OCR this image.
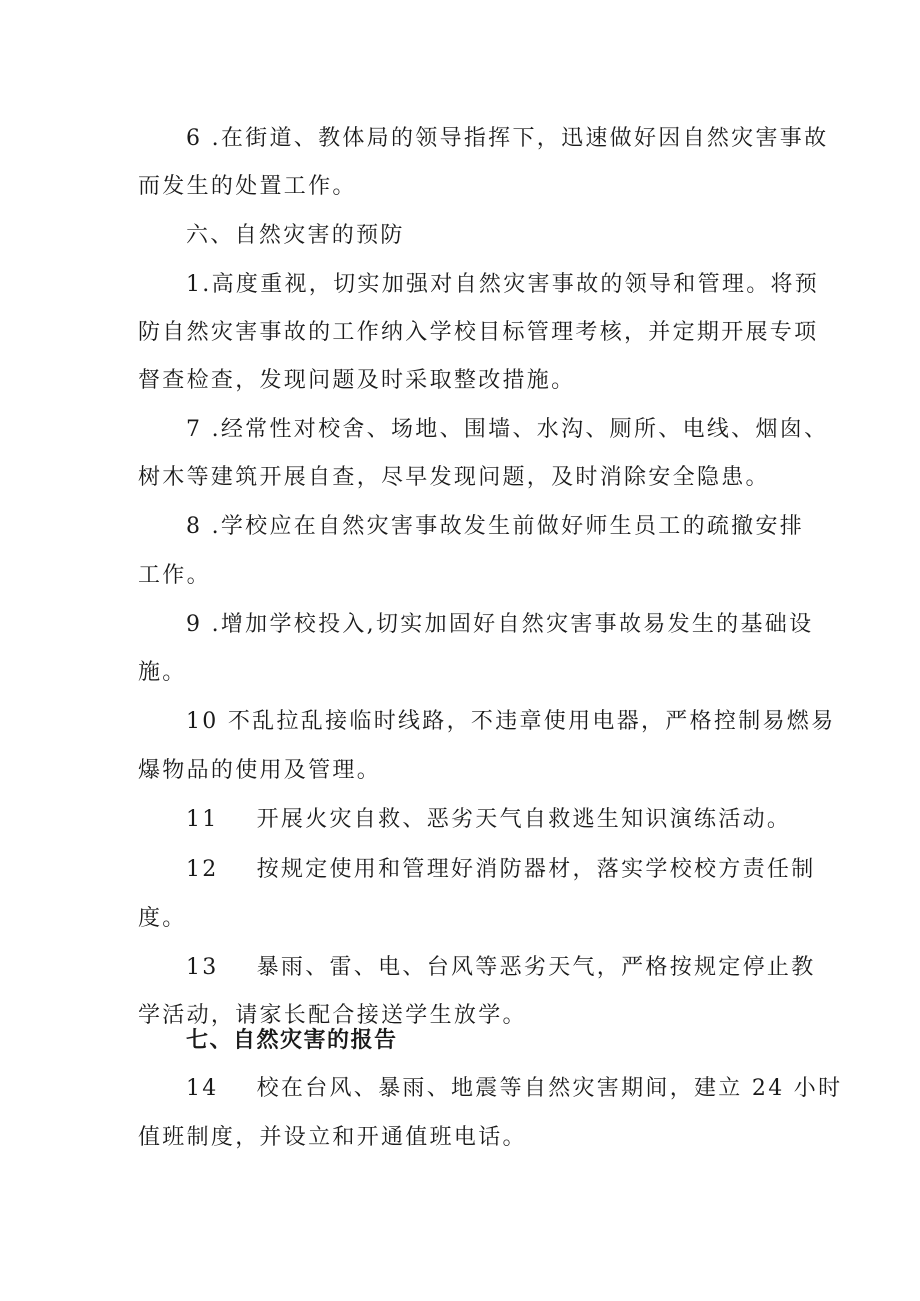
6 .在街道、教体局的领导指挥下，迅速做好因自然灾害事故
而发生的处置工作。
六、自然灾害的预防
1.高度重视，切实加强对自然灾害事故的领导和管理。将预
防自然灾害事故的工作纳入学校目标管理考核，并定期开展专项
督查检查，发现问题及时采取整改措施。
7 .经常性对校舍、场地、围墙、水沟、厕所、电线、烟囱、
树木等建筑开展自查，尽早发现问题，及时消除安全隐患。
8 .学校应在自然灾害事故发生前做好师生员工的疏撤安排
工作。
9 .增加学校投入,切实加固好自然灾害事故易发生的基础设
施。
10 不乱拉乱接临时线路，不违章使用电器，严格控制易燃易
爆物品的使用及管理。
11 开展火灾自救、恶劣天气自救逃生知识演练活动。
12 按规定使用和管理好消防器材，落实学校校方责任制
度。
13 暴雨、雷、电、台风等恶劣天气，严格按规定停止教
学活动，请家长配合接送学生放学。
七、自然灾害的报告
14 校在台风、暴雨、地震等自然灾害期间，建立 24 小时
值班制度，并设立和开通值班电话。
